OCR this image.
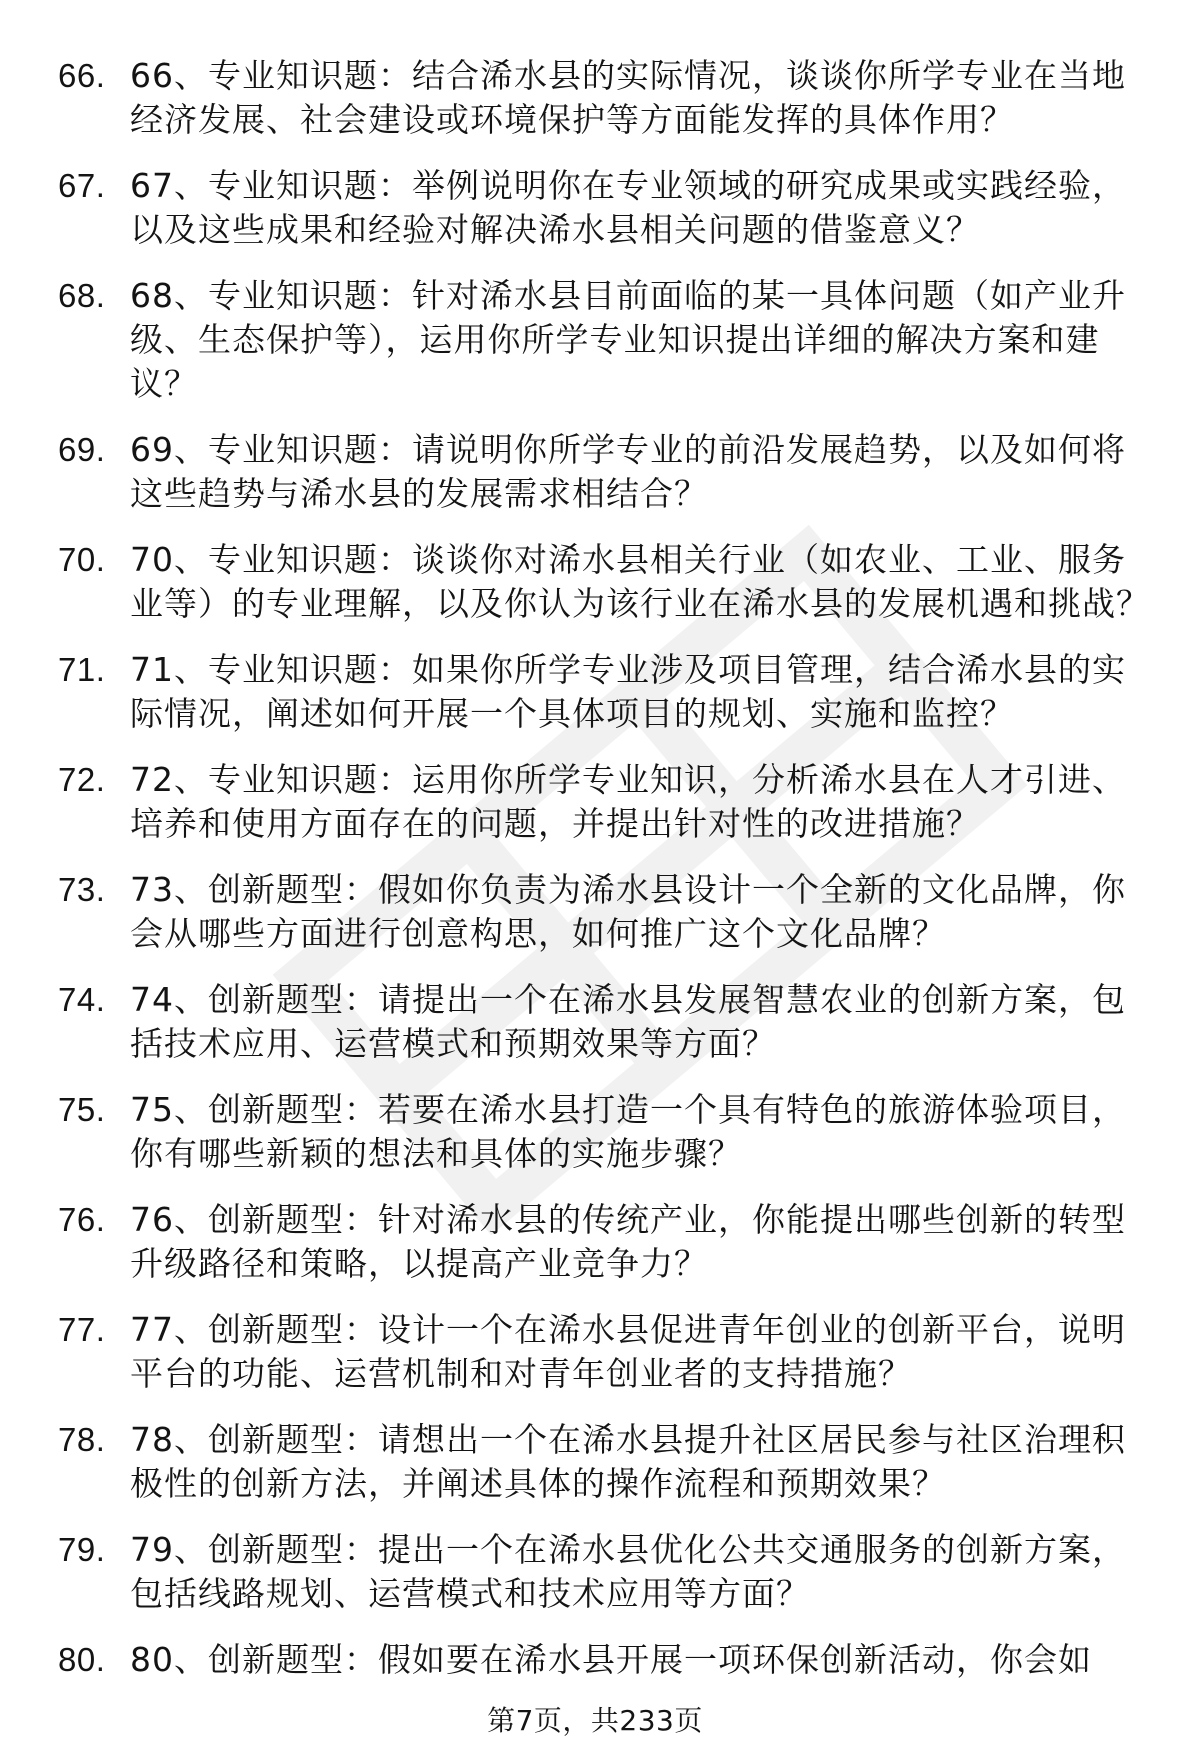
66. 66、专业知识题：结合浠水县的实际情况，谈谈你所学专业在当地经济发展、社会建设或环境保护等方面能发挥的具体作用？
67. 67、专业知识题：举例说明你在专业领域的研究成果或实践经验，以及这些成果和经验对解决浠水县相关问题的借鉴意义？
68. 68、专业知识题：针对浠水县目前面临的某一具体问题（如产业升级、生态保护等），运用你所学专业知识提出详细的解决方案和建议？
69. 69、专业知识题：请说明你所学专业的前沿发展趋势，以及如何将这些趋势与浠水县的发展需求相结合？
70. 70、专业知识题：谈谈你对浠水县相关行业（如农业、工业、服务业等）的专业理解，以及你认为该行业在浠水县的发展机遇和挑战？
71. 71、专业知识题：如果你所学专业涉及项目管理，结合浠水县的实际情况，阐述如何开展一个具体项目的规划、实施和监控？
72. 72、专业知识题：运用你所学专业知识，分析浠水县在人才引进、培养和使用方面存在的问题，并提出针对性的改进措施？
73. 73、创新题型：假如你负责为浠水县设计一个全新的文化品牌，你会从哪些方面进行创意构思，如何推广这个文化品牌？
74. 74、创新题型：请提出一个在浠水县发展智慧农业的创新方案，包括技术应用、运营模式和预期效果等方面？
75. 75、创新题型：若要在浠水县打造一个具有特色的旅游体验项目，你有哪些新颖的想法和具体的实施步骤？
76. 76、创新题型：针对浠水县的传统产业，你能提出哪些创新的转型升级路径和策略，以提高产业竞争力？
77. 77、创新题型：设计一个在浠水县促进青年创业的创新平台，说明平台的功能、运营机制和对青年创业者的支持措施？
78. 78、创新题型：请想出一个在浠水县提升社区居民参与社区治理积极性的创新方法，并阐述具体的操作流程和预期效果？
79. 79、创新题型：提出一个在浠水县优化公共交通服务的创新方案，包括线路规划、运营模式和技术应用等方面？
80. 80、创新题型：假如要在浠水县开展一项环保创新活动，你会如
第7页，共233页
